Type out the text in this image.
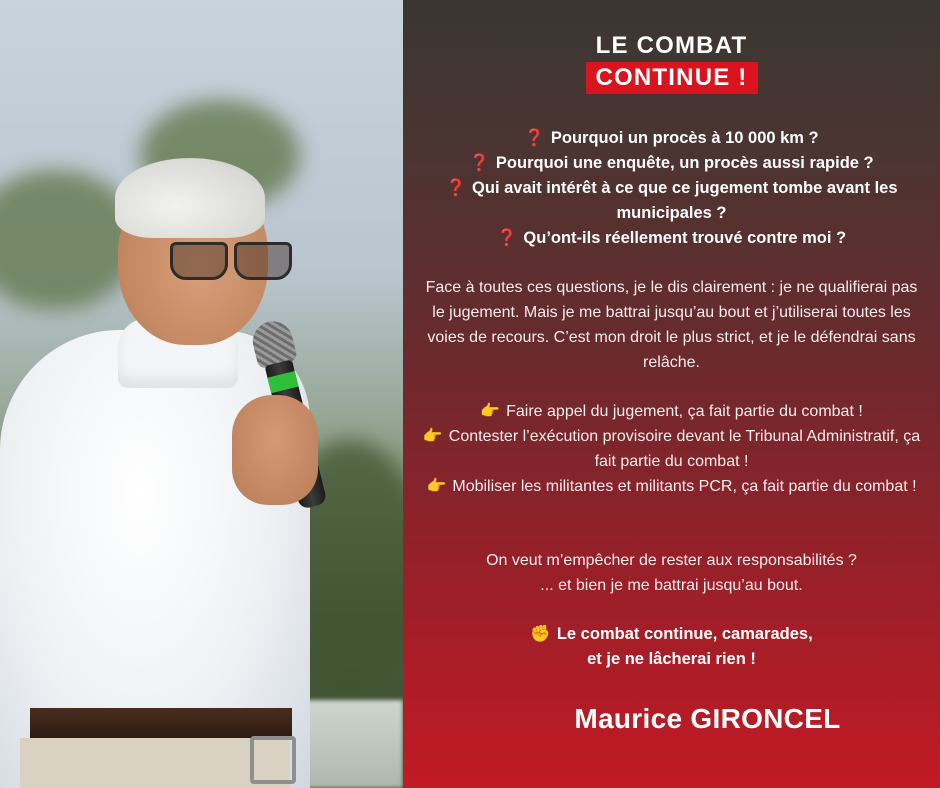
LE COMBAT
CONTINUE !
❓ Pourquoi un procès à 10 000 km ?
❓ Pourquoi une enquête, un procès aussi rapide ?
❓ Qui avait intérêt à ce que ce jugement tombe avant les municipales ?
❓ Qu’ont-ils réellement trouvé contre moi ?
Face à toutes ces questions, je le dis clairement : je ne qualifierai pas le jugement. Mais je me battrai jusqu’au bout et j’utiliserai toutes les voies de recours. C’est mon droit le plus strict, et je le défendrai sans relâche.
👉 Faire appel du jugement, ça fait partie du combat !
👉 Contester l’exécution provisoire devant le Tribunal Administratif, ça fait partie du combat !
👉 Mobiliser les militantes et militants PCR, ça fait partie du combat !
On veut m’empêcher de rester aux responsabilités ?
... et bien je me battrai jusqu’au bout.
✊ Le combat continue, camarades,
et je ne lâcherai rien !
Maurice GIRONCEL
